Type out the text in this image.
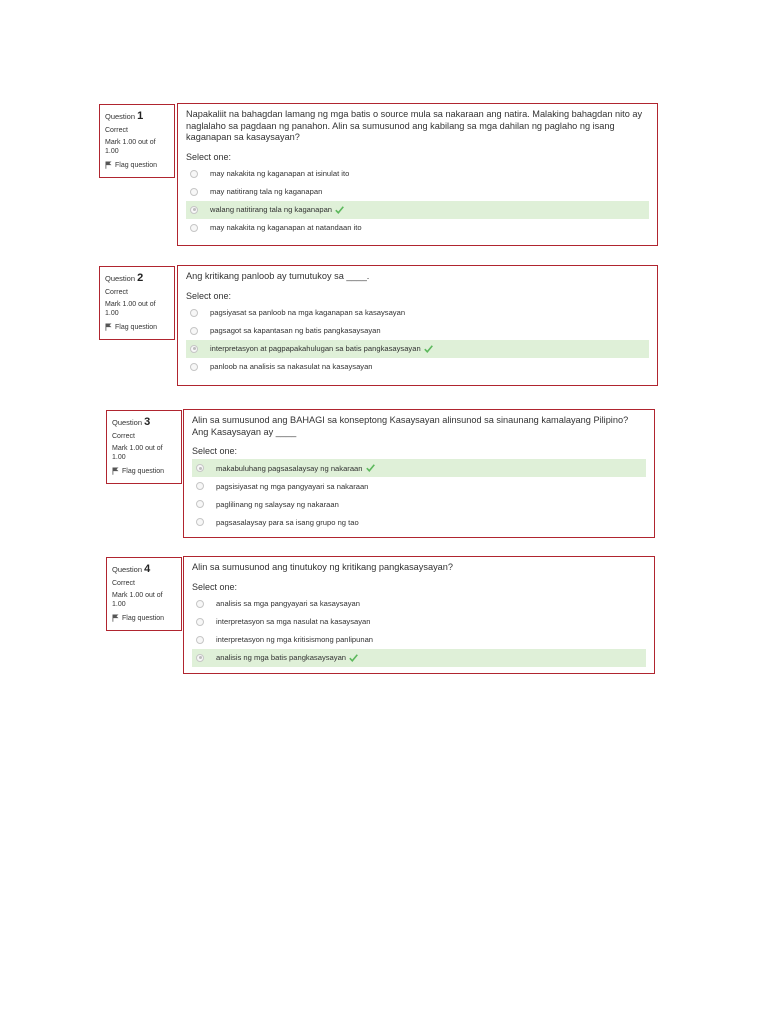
Question 1
Correct
Mark 1.00 out of 1.00
Flag question

Napakaliit na bahagdan lamang ng mga batis o source mula sa nakaraan ang natira. Malaking bahagdan nito ay naglalaho sa pagdaan ng panahon. Alin sa sumusunod ang kabilang sa mga dahilan ng paglaho ng isang kaganapan sa kasaysayan?

Select one:
may nakakita ng kaganapan at isinulat ito
may natitirang tala ng kaganapan
walang natitirang tala ng kaganapan
may nakakita ng kaganapan at natandaan ito
Question 2
Correct
Mark 1.00 out of 1.00
Flag question

Ang kritikang panloob ay tumutukoy sa ____.

Select one:
pagsiyasat sa panloob na mga kaganapan sa kasaysayan
pagsagot sa kapantasan ng batis pangkasaysayan
interpretasyon at pagpapakahulugan sa batis pangkasaysayan
panloob na analisis sa nakasulat na kasaysayan
Question 3
Correct
Mark 1.00 out of 1.00
Flag question

Alin sa sumusunod ang BAHAGI sa konseptong Kasaysayan alinsunod sa sinaunang kamalayang Pilipino? Ang Kasaysayan ay ____

Select one:
makabuluhang pagsasalaysay ng nakaraan
pagsisiyasat ng mga pangyayari sa nakaraan
paglilinang ng salaysay ng nakaraan
pagsasalaysay para sa isang grupo ng tao
Question 4
Correct
Mark 1.00 out of 1.00
Flag question

Alin sa sumusunod ang tinutukoy ng kritikang pangkasaysayan?

Select one:
analisis sa mga pangyayari sa kasaysayan
interpretasyon sa mga nasulat na kasaysayan
interpretasyon ng mga kritisismong panlipunan
analisis ng mga batis pangkasaysayan
